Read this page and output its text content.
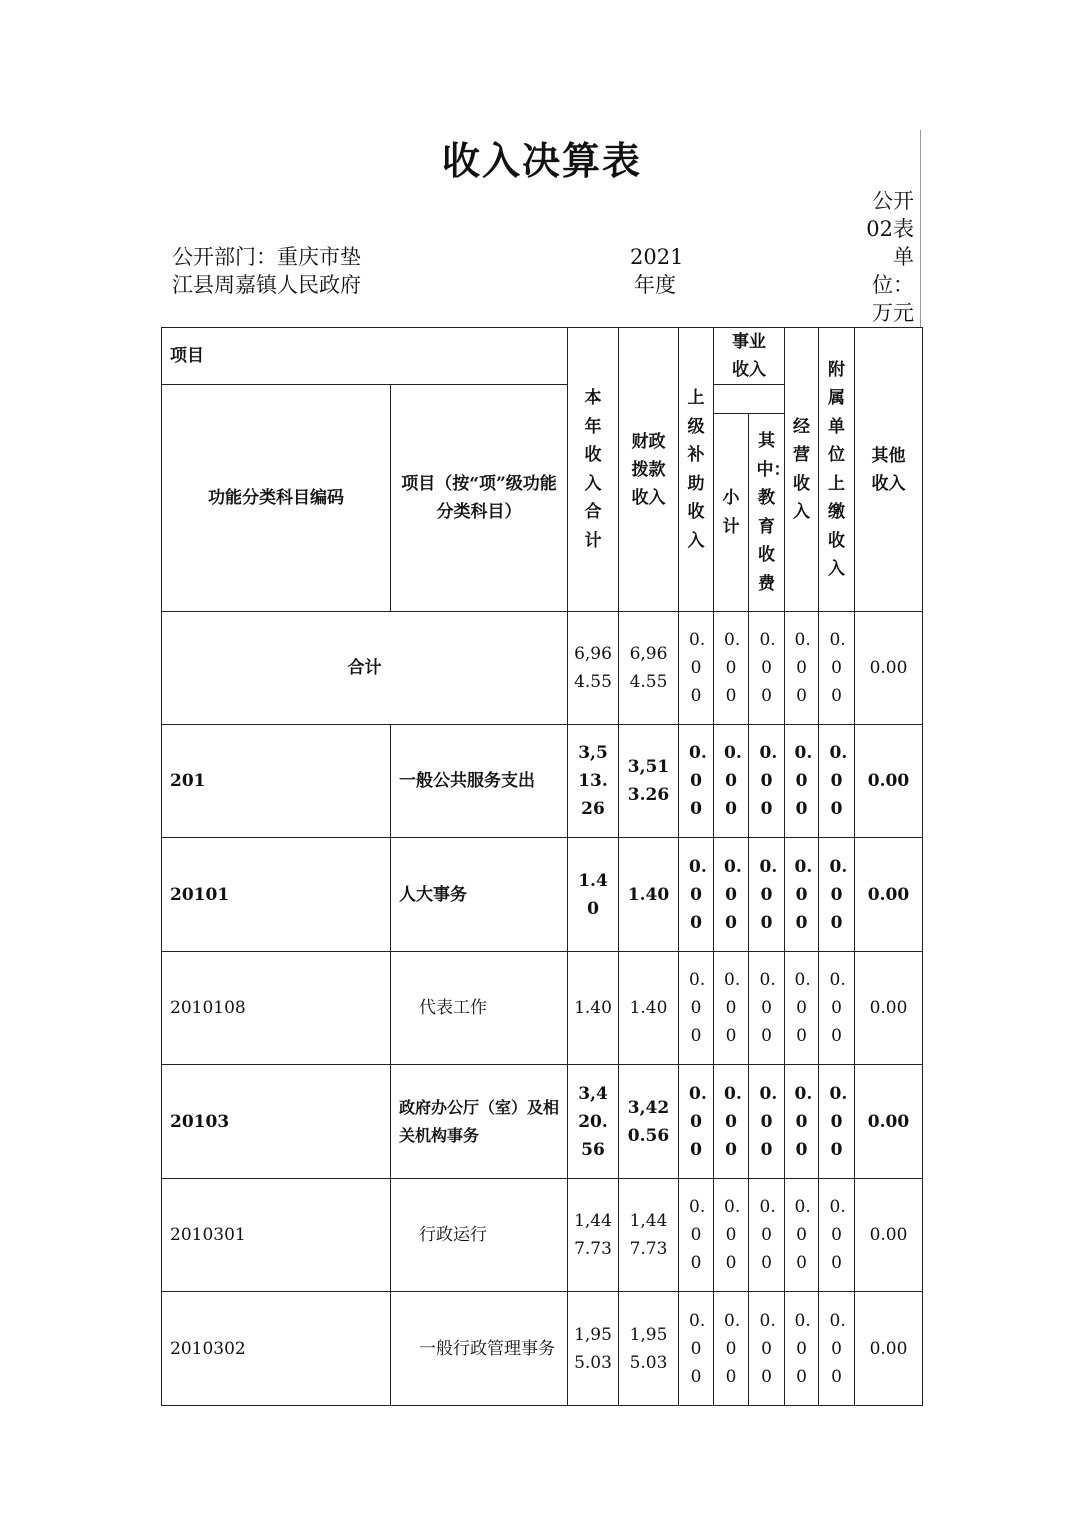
收入决算表
公开02表
公开部门：重庆市垫江县周嘉镇人民政府
2021年度
单位：万元
项目		本年收入合计	财政拨款收入	上级补助收入	事业收入		经营收入	附属单位上缴收入	其他收入
功能分类科目编码	项目（按“项”级功能分类科目）								
					小计	其中：教育收费			
合计		6,964.55	6,964.55	0.00	0.00	0.00	0.00	0.00	0.00
201	一般公共服务支出	3,513.26	3,513.26	0.00	0.00	0.00	0.00	0.00	0.00
20101	人大事务	1.40	1.40	0.00	0.00	0.00	0.00	0.00	0.00
2010108	代表工作	1.40	1.40	0.00	0.00	0.00	0.00	0.00	0.00
20103	政府办公厅（室）及相关机构事务	3,420.56	3,420.56	0.00	0.00	0.00	0.00	0.00	0.00
2010301	行政运行	1,447.73	1,447.73	0.00	0.00	0.00	0.00	0.00	0.00
2010302	一般行政管理事务	1,955.03	1,955.03	0.00	0.00	0.00	0.00	0.00	0.00
